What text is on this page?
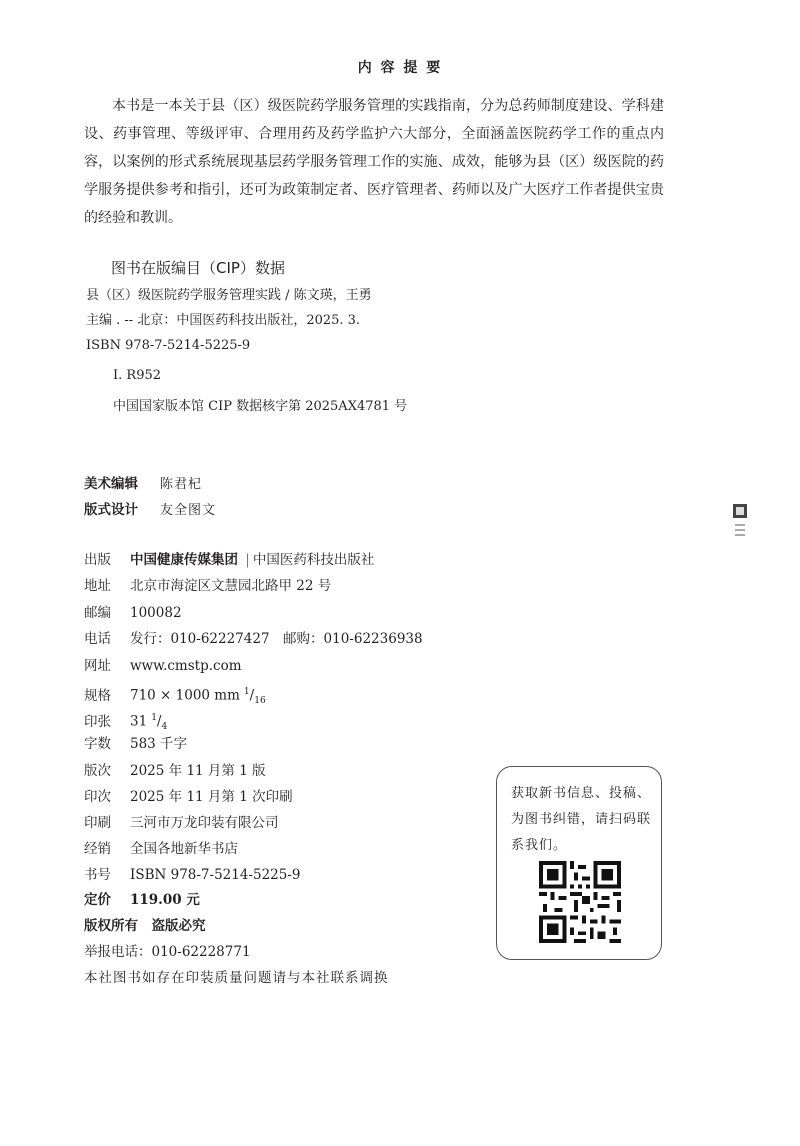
内 容 提 要

本书是一本关于县（区）级医院药学服务管理的实践指南，分为总药师制度建设、学科建设、药事管理、等级评审、合理用药及药学监护六大部分，全面涵盖医院药学工作的重点内容，以案例的形式系统展现基层药学服务管理工作的实施、成效，能够为县（区）级医院的药学服务提供参考和指引，还可为政策制定者、医疗管理者、药师以及广大医疗工作者提供宝贵的经验和教训。

图书在版编目（CIP）数据
县（区）级医院药学服务管理实践 / 陈文瑛，王勇
主编 . -- 北京：中国医药科技出版社，2025. 3.
ISBN 978-7-5214-5225-9
Ⅰ. R952
中国国家版本馆 CIP 数据核字第 2025AX4781 号
美术编辑 陈君杞
版式设计 友全图文
出版 中国健康传媒集团 | 中国医药科技出版社
地址 北京市海淀区文慧园北路甲 22 号
邮编 100082
电话 发行：010-62227427　邮购：010-62236938
网址 www.cmstp.com
规格 710 × 1000 mm $^1/_{16}$
印张 31 $^1/_4$
字数 583 千字
版次 2025 年 11 月第 1 版
印次 2025 年 11 月第 1 次印刷
印刷 三河市万龙印装有限公司
经销 全国各地新华书店
书号 ISBN 978-7-5214-5225-9
定价 119.00 元
版权所有　盗版必究
举报电话：010-62228771
本社图书如存在印装质量问题请与本社联系调换
获取新书信息、投稿、为图书纠错，请扫码联系我们。
